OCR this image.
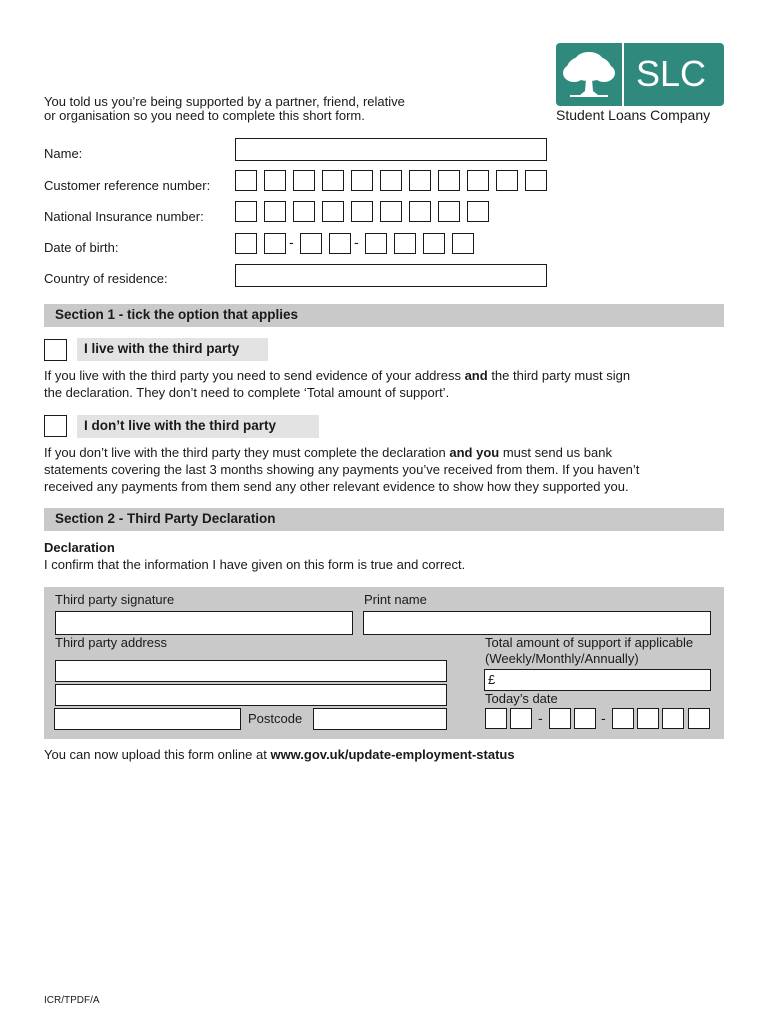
SLC
Student Loans Company
You told us you’re being supported by a partner, friend, relative
or organisation so you need to complete this short form.
Name:
Customer reference number:
National Insurance number:
Date of birth:	-	-
Country of residence:
Section 1 - tick the option that applies
I live with the third party
If you live with the third party you need to send evidence of your address and the third party must sign
the declaration. They don’t need to complete ‘Total amount of support’.
I don’t live with the third party
If you don’t live with the third party they must complete the declaration and you must send us bank
statements covering the last 3 months showing any payments you’ve received from them. If you haven’t
received any payments from them send any other relevant evidence to show how they supported you.
Section 2 - Third Party Declaration
Declaration
I confirm that the information I have given on this form is true and correct.
Third party signature	Print name
Third party address
Postcode
Total amount of support if applicable
(Weekly/Monthly/Annually)
£
Today’s date
-	-
You can now upload this form online at www.gov.uk/update-employment-status
ICR/TPDF/A
